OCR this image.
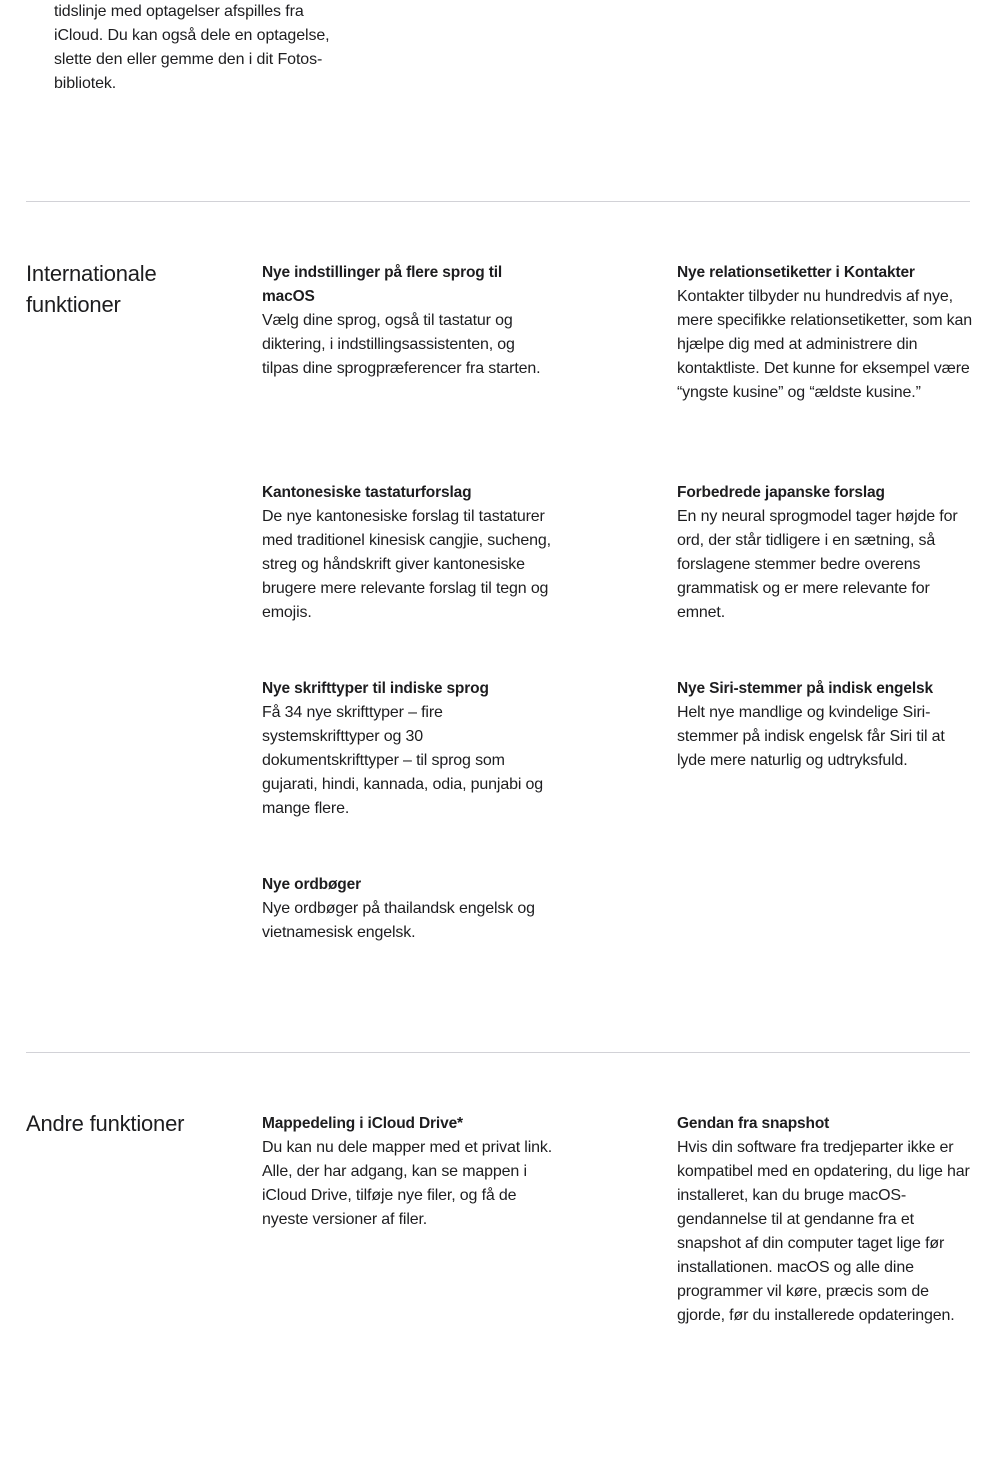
tidslinje med optagelser afspilles fra iCloud. Du kan også dele en optagelse, slette den eller gemme den i dit Fotos-bibliotek.

Internationale funktioner
Nye indstillinger på flere sprog til macOS
Vælg dine sprog, også til tastatur og diktering, i indstillingsassistenten, og tilpas dine sprogpræferencer fra starten.
Nye relationsetiketter i Kontakter
Kontakter tilbyder nu hundredvis af nye, mere specifikke relationsetiketter, som kan hjælpe dig med at administrere din kontaktliste. Det kunne for eksempel være “yngste kusine” og “ældste kusine.”
Kantonesiske tastaturforslag
De nye kantonesiske forslag til tastaturer med traditionel kinesisk cangjie, sucheng, streg og håndskrift giver kantonesiske brugere mere relevante forslag til tegn og emojis.
Forbedrede japanske forslag
En ny neural sprogmodel tager højde for ord, der står tidligere i en sætning, så forslagene stemmer bedre overens grammatisk og er mere relevante for emnet.
Nye skrifttyper til indiske sprog
Få 34 nye skrifttyper – fire systemskrifttyper og 30 dokumentskrifttyper – til sprog som gujarati, hindi, kannada, odia, punjabi og mange flere.
Nye Siri-stemmer på indisk engelsk
Helt nye mandlige og kvindelige Siri-stemmer på indisk engelsk får Siri til at lyde mere naturlig og udtryksfuld.
Nye ordbøger
Nye ordbøger på thailandsk engelsk og vietnamesisk engelsk.
Andre funktioner	Mappedeling i iCloud Drive*
Du kan nu dele mapper med et privat link. Alle, der har adgang, kan se mappen i iCloud Drive, tilføje nye filer, og få de nyeste versioner af filer.
Gendan fra snapshot
Hvis din software fra tredjeparter ikke er kompatibel med en opdatering, du lige har installeret, kan du bruge macOS-gendannelse til at gendanne fra et snapshot af din computer taget lige før installationen. macOS og alle dine programmer vil køre, præcis som de gjorde, før du installerede opdateringen.
